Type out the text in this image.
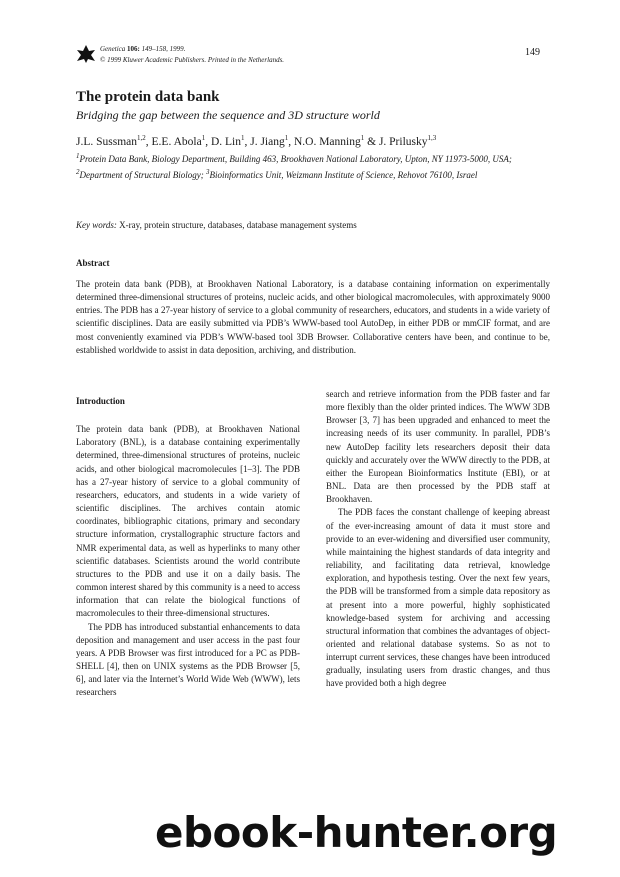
Genetica 106: 149–158, 1999.
© 1999 Kluwer Academic Publishers. Printed in the Netherlands.
149
The protein data bank
Bridging the gap between the sequence and 3D structure world
J.L. Sussman$^{1,2}$, E.E. Abola$^1$, D. Lin$^1$, J. Jiang$^1$, N.O. Manning$^1$ & J. Prilusky$^{1,3}$
$^1$Protein Data Bank, Biology Department, Building 463, Brookhaven National Laboratory, Upton, NY 11973-5000, USA; $^2$Department of Structural Biology; $^3$Bioinformatics Unit, Weizmann Institute of Science, Rehovot 76100, Israel
Key words: X-ray, protein structure, databases, database management systems
Abstract
The protein data bank (PDB), at Brookhaven National Laboratory, is a database containing information on experimentally determined three-dimensional structures of proteins, nucleic acids, and other biological macromolecules, with approximately 9000 entries. The PDB has a 27-year history of service to a global community of researchers, educators, and students in a wide variety of scientific disciplines. Data are easily submitted via PDB’s WWW-based tool AutoDep, in either PDB or mmCIF format, and are most conveniently examined via PDB’s WWW-based tool 3DB Browser. Collaborative centers have been, and continue to be, established worldwide to assist in data deposition, archiving, and distribution.
Introduction

The protein data bank (PDB), at Brookhaven National Laboratory (BNL), is a database containing experimentally determined, three-dimensional structures of proteins, nucleic acids, and other biological macromolecules [1–3]. The PDB has a 27-year history of service to a global community of researchers, educators, and students in a wide variety of scientific disciplines. The archives contain atomic coordinates, bibliographic citations, primary and secondary structure information, crystallographic structure factors and NMR experimental data, as well as hyperlinks to many other scientific databases. Scientists around the world contribute structures to the PDB and use it on a daily basis. The common interest shared by this community is a need to access information that can relate the biological functions of macromolecules to their three-dimensional structures.

The PDB has introduced substantial enhancements to data deposition and management and user access in the past four years. A PDB Browser was first introduced for a PC as PDB-SHELL [4], then on UNIX systems as the PDB Browser [5, 6], and later via the Internet’s World Wide Web (WWW), lets researchers

search and retrieve information from the PDB faster and far more flexibly than the older printed indices. The WWW 3DB Browser [3, 7] has been upgraded and enhanced to meet the increasing needs of its user community. In parallel, PDB’s new AutoDep facility lets researchers deposit their data quickly and accurately over the WWW directly to the PDB, at either the European Bioinformatics Institute (EBI), or at BNL. Data are then processed by the PDB staff at Brookhaven.

The PDB faces the constant challenge of keeping abreast of the ever-increasing amount of data it must store and provide to an ever-widening and diversified user community, while maintaining the highest standards of data integrity and reliability, and facilitating data retrieval, knowledge exploration, and hypothesis testing. Over the next few years, the PDB will be transformed from a simple data repository as at present into a more powerful, highly sophisticated knowledge-based system for archiving and accessing structural information that combines the advantages of object-oriented and relational database systems. So as not to interrupt current services, these changes have been introduced gradually, insulating users from drastic changes, and thus have provided both a high degree

ebook-hunter.org
